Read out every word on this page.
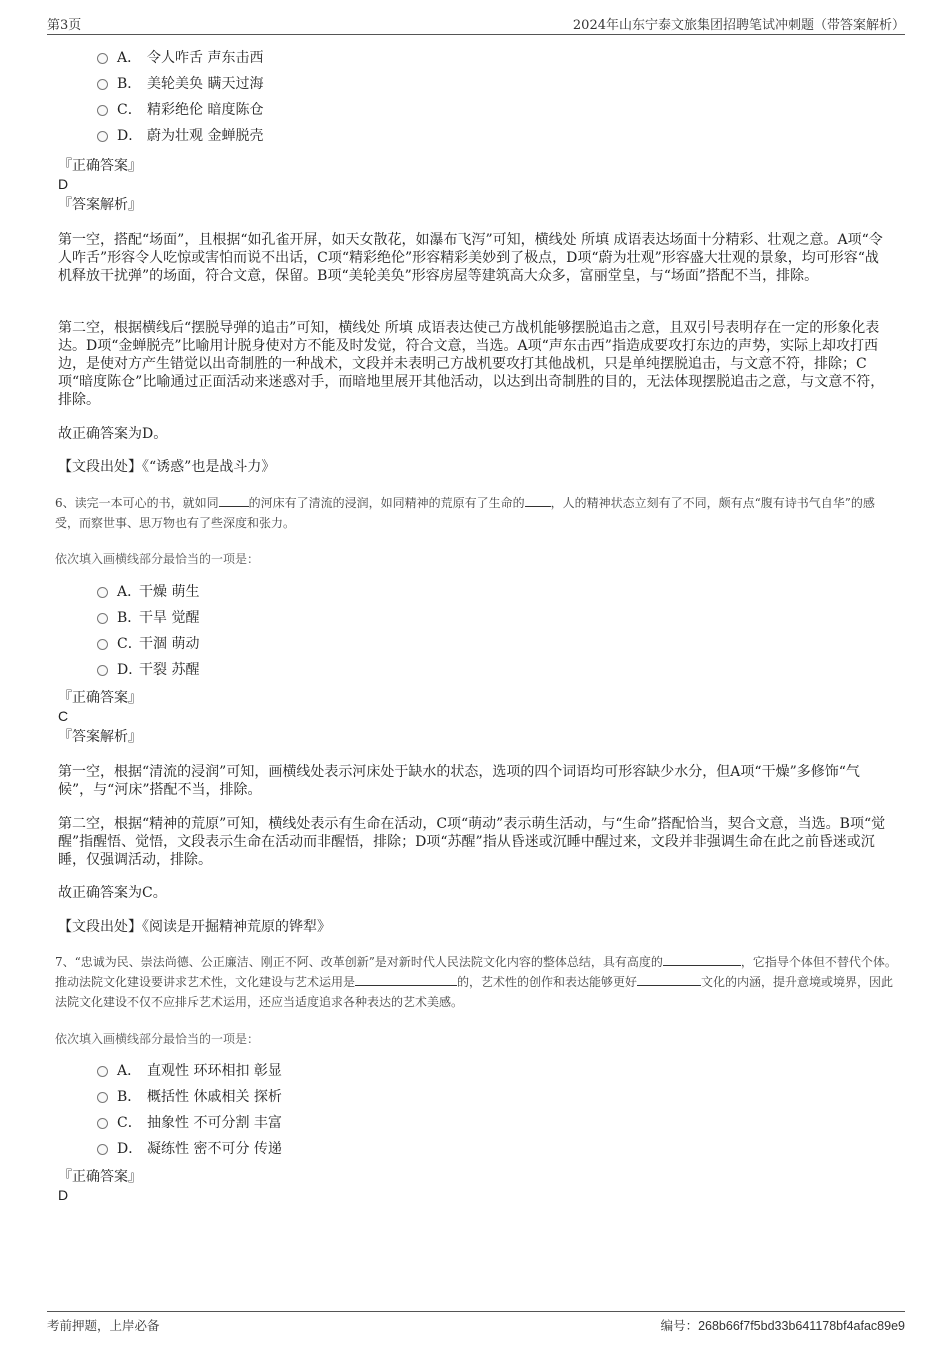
第3页	2024年山东宁泰文旅集团招聘笔试冲刺题（带答案解析）
A． 令人咋舌 声东击西
B． 美轮美奂 瞒天过海
C． 精彩绝伦 暗度陈仓
D． 蔚为壮观 金蝉脱壳
『正确答案』
D
『答案解析』
第一空，搭配“场面”，且根据“如孔雀开屏，如天女散花，如瀑布飞泻”可知，横线处 所填 成语表达场面十分精彩、壮观之意。A项“令人咋舌”形容令人吃惊或害怕而说不出话，C项“精彩绝伦”形容精彩美妙到了极点，D项“蔚为壮观”形容盛大壮观的景象，均可形容“战机释放干扰弹”的场面，符合文意，保留。B项“美轮美奂”形容房屋等建筑高大众多，富丽堂皇，与“场面”搭配不当，排除。
第二空，根据横线后“摆脱导弹的追击”可知，横线处 所填 成语表达使己方战机能够摆脱追击之意，且双引号表明存在一定的形象化表达。D项“金蝉脱壳”比喻用计脱身使对方不能及时发觉，符合文意，当选。A项“声东击西”指造成要攻打东边的声势，实际上却攻打西边，是使对方产生错觉以出奇制胜的一种战术，文段并未表明己方战机要攻打其他战机，只是单纯摆脱追击，与文意不符，排除；C项“暗度陈仓”比喻通过正面活动来迷惑对手，而暗地里展开其他活动，以达到出奇制胜的目的，无法体现摆脱追击之意，与文意不符，排除。
故正确答案为D。
【文段出处】《“诱惑”也是战斗力》
6、读完一本可心的书，就如同	的河床有了清流的浸润，如同精神的荒原有了生命的 ，人的精神状态立刻有了不同，颇有点“腹有诗书气自华”的感受，而察世事、思万物也有了些深度和张力。
依次填入画横线部分最恰当的一项是：
A．干燥 萌生
B．干旱 觉醒
C．干涸 萌动
D．干裂 苏醒
『正确答案』
C
『答案解析』
第一空，根据“清流的浸润”可知，画横线处表示河床处于缺水的状态，选项的四个词语均可形容缺少水分，但A项“干燥”多修饰“气候”，与“河床”搭配不当，排除。
第二空，根据“精神的荒原”可知，横线处表示有生命在活动，C项“萌动”表示萌生活动，与“生命”搭配恰当，契合文意，当选。B项“觉醒”指醒悟、觉悟，文段表示生命在活动而非醒悟，排除；D项“苏醒”指从昏迷或沉睡中醒过来，文段并非强调生命在此之前昏迷或沉睡，仅强调活动，排除。
故正确答案为C。
【文段出处】《阅读是开掘精神荒原的铧犁》
7、“忠诚为民、崇法尚德、公正廉洁、刚正不阿、改革创新”是对新时代人民法院文化内容的整体总结，具有高度的	，它指导个体但不替代个体。推动法院文化建设要讲求艺术性，文化建设与艺术运用是	的，艺术性的创作和表达能够更好	文化的内涵，提升意境或境界，因此法院文化建设不仅不应排斥艺术运用，还应当适度追求各种表达的艺术美感。
依次填入画横线部分最恰当的一项是：
A． 直观性 环环相扣 彰显
B． 概括性 休戚相关 探析
C． 抽象性 不可分割 丰富
D． 凝练性 密不可分 传递
『正确答案』
D
考前押题，上岸必备	编号：268b66f7f5bd33b641178bf4afac89e9
